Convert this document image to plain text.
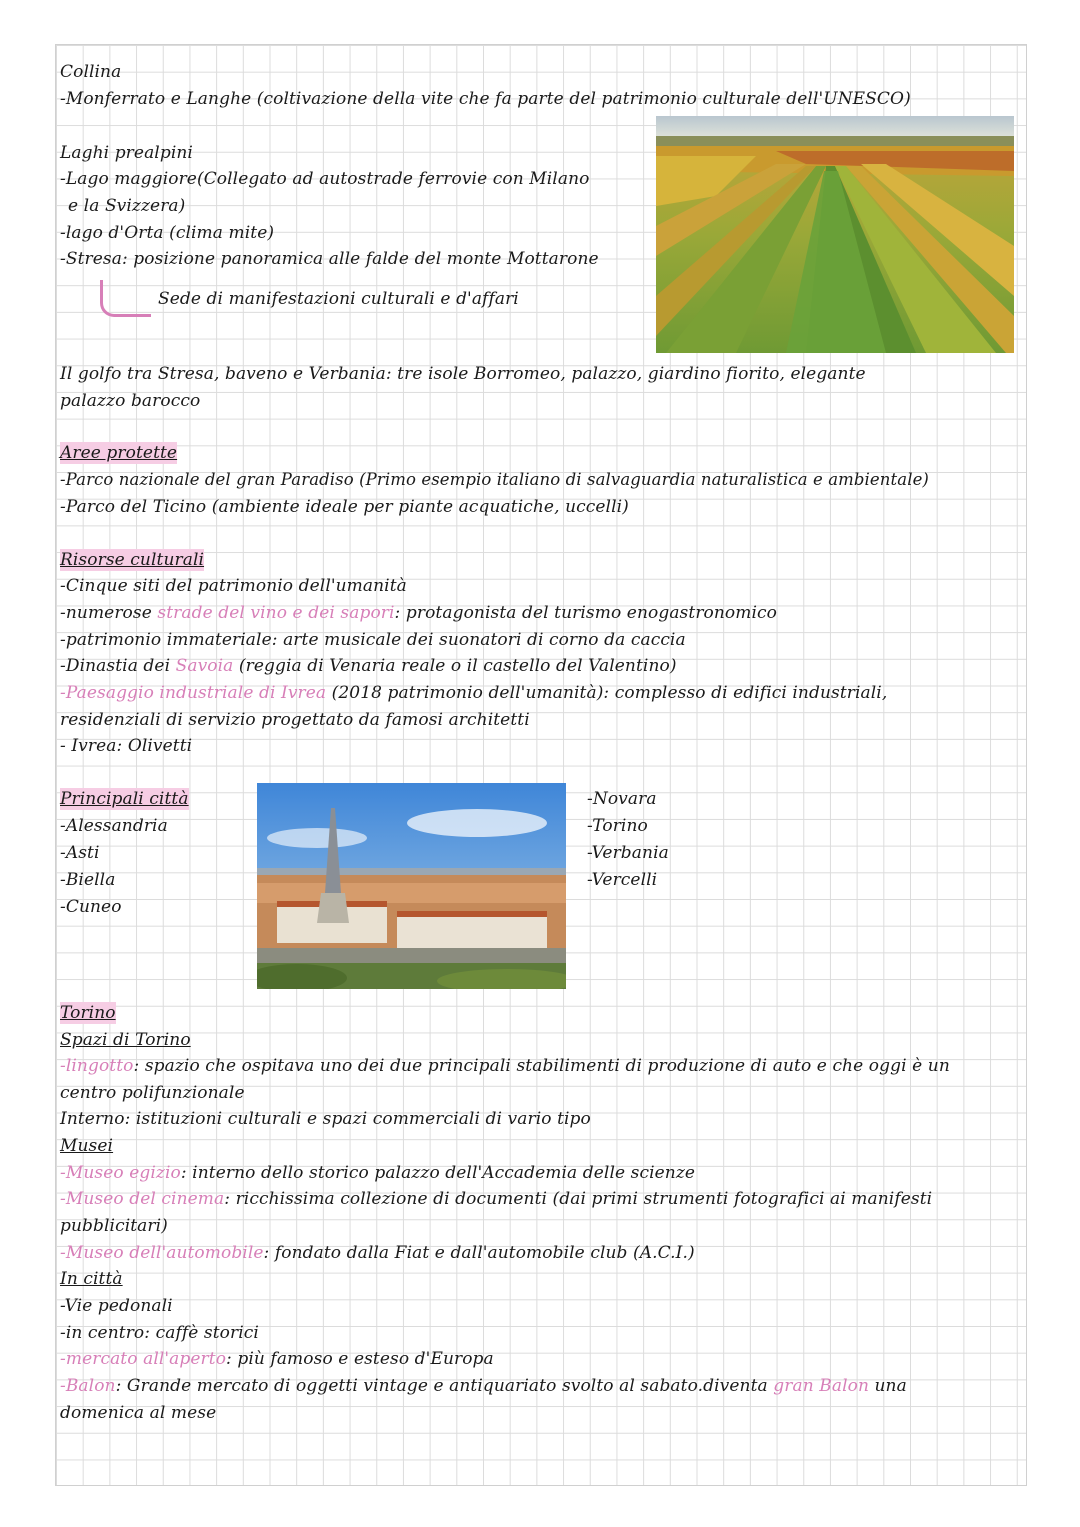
Collina
-Monferrato e Langhe (coltivazione della vite che fa parte del patrimonio culturale dell'UNESCO)
Laghi prealpini
-Lago maggiore(Collegato ad autostrade ferrovie con Milano
e la Svizzera)
-lago d'Orta (clima mite)
-Stresa: posizione panoramica alle falde del monte Mottarone
Sede di manifestazioni culturali e d'affari
Il golfo tra Stresa, baveno e Verbania: tre isole Borromeo, palazzo, giardino fiorito, elegante
palazzo barocco
Aree protette
-Parco nazionale del gran Paradiso (Primo esempio italiano di salvaguardia naturalistica e ambientale)
-Parco del Ticino (ambiente ideale per piante acquatiche, uccelli)
Risorse culturali
-Cinque siti del patrimonio dell'umanità
-numerose strade del vino e dei sapori: protagonista del turismo enogastronomico
-patrimonio immateriale: arte musicale dei suonatori di corno da caccia
-Dinastia dei Savoia (reggia di Venaria reale o il castello del Valentino)
-Paesaggio industriale di Ivrea (2018 patrimonio dell'umanità): complesso di edifici industriali,
residenziali di servizio progettato da famosi architetti
- Ivrea: Olivetti
Principali città
-Alessandria
-Asti
-Biella
-Cuneo
-Novara
-Torino
-Verbania
-Vercelli
Torino
Spazi di Torino
-lingotto: spazio che ospitava uno dei due principali stabilimenti di produzione di auto e che oggi è un
centro polifunzionale
Interno: istituzioni culturali e spazi commerciali di vario tipo
Musei
-Museo egizio: interno dello storico palazzo dell'Accademia delle scienze
-Museo del cinema: ricchissima collezione di documenti (dai primi strumenti fotografici ai manifesti
pubblicitari)
-Museo dell'automobile: fondato dalla Fiat e dall'automobile club (A.C.I.)
In città
-Vie pedonali
-in centro: caffè storici
-mercato all'aperto: più famoso e esteso d'Europa
-Balon: Grande mercato di oggetti vintage e antiquariato svolto al sabato.diventa gran Balon una
domenica al mese
